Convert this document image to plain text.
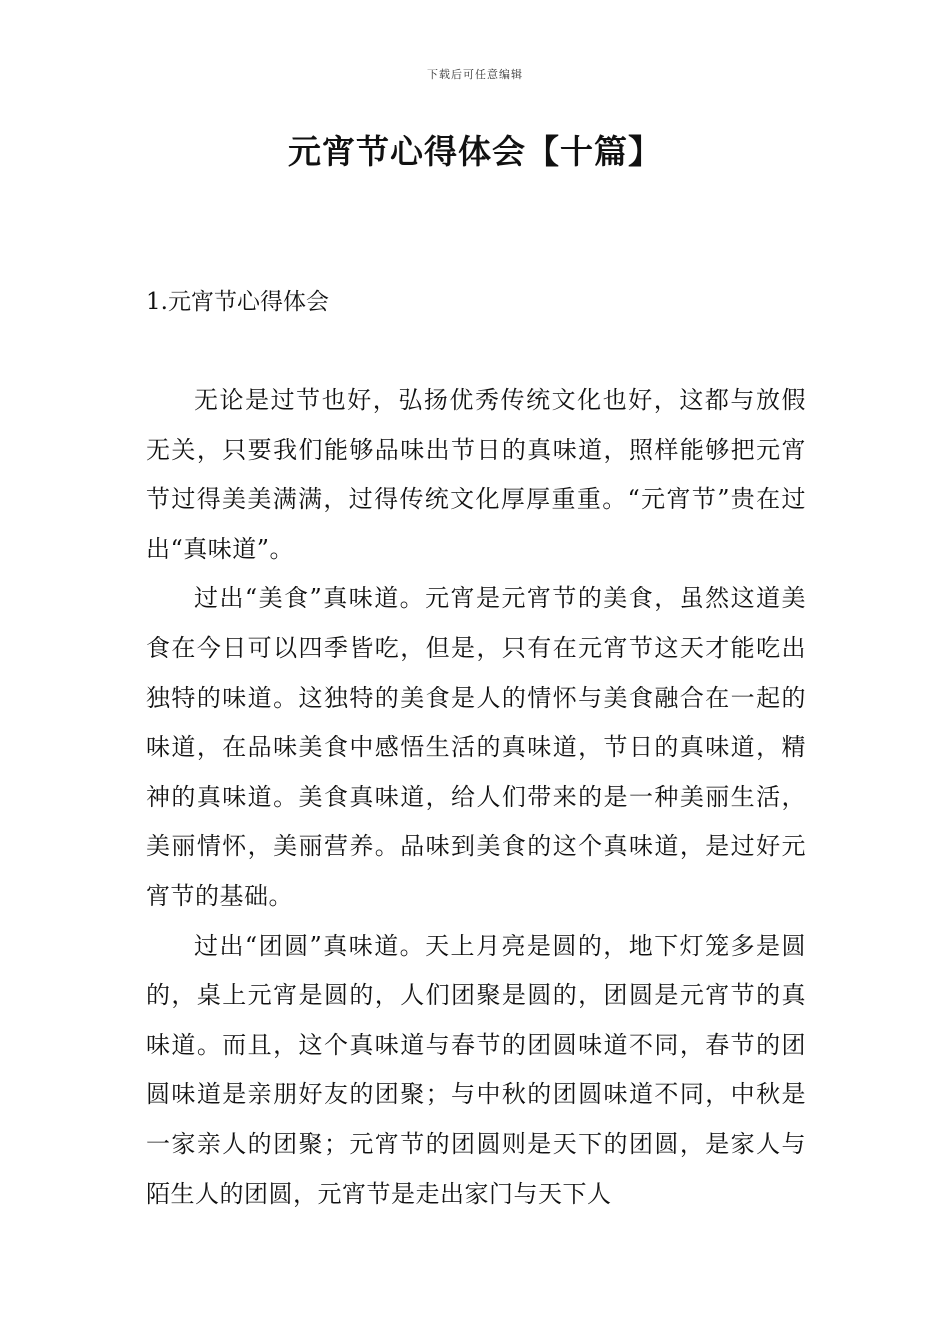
下载后可任意编辑
元宵节心得体会【十篇】
1.元宵节心得体会

无论是过节也好，弘扬优秀传统文化也好，这都与放假无关，只要我们能够品味出节日的真味道，照样能够把元宵节过得美美满满，过得传统文化厚厚重重。“元宵节”贵在过出“真味道”。

过出“美食”真味道。元宵是元宵节的美食，虽然这道美食在今日可以四季皆吃，但是，只有在元宵节这天才能吃出独特的味道。这独特的美食是人的情怀与美食融合在一起的味道，在品味美食中感悟生活的真味道，节日的真味道，精神的真味道。美食真味道，给人们带来的是一种美丽生活，美丽情怀，美丽营养。品味到美食的这个真味道，是过好元宵节的基础。

过出“团圆”真味道。天上月亮是圆的，地下灯笼多是圆的，桌上元宵是圆的，人们团聚是圆的，团圆是元宵节的真味道。而且，这个真味道与春节的团圆味道不同，春节的团圆味道是亲朋好友的团聚；与中秋的团圆味道不同，中秋是一家亲人的团聚；元宵节的团圆则是天下的团圆，是家人与陌生人的团圆，元宵节是走出家门与天下人
